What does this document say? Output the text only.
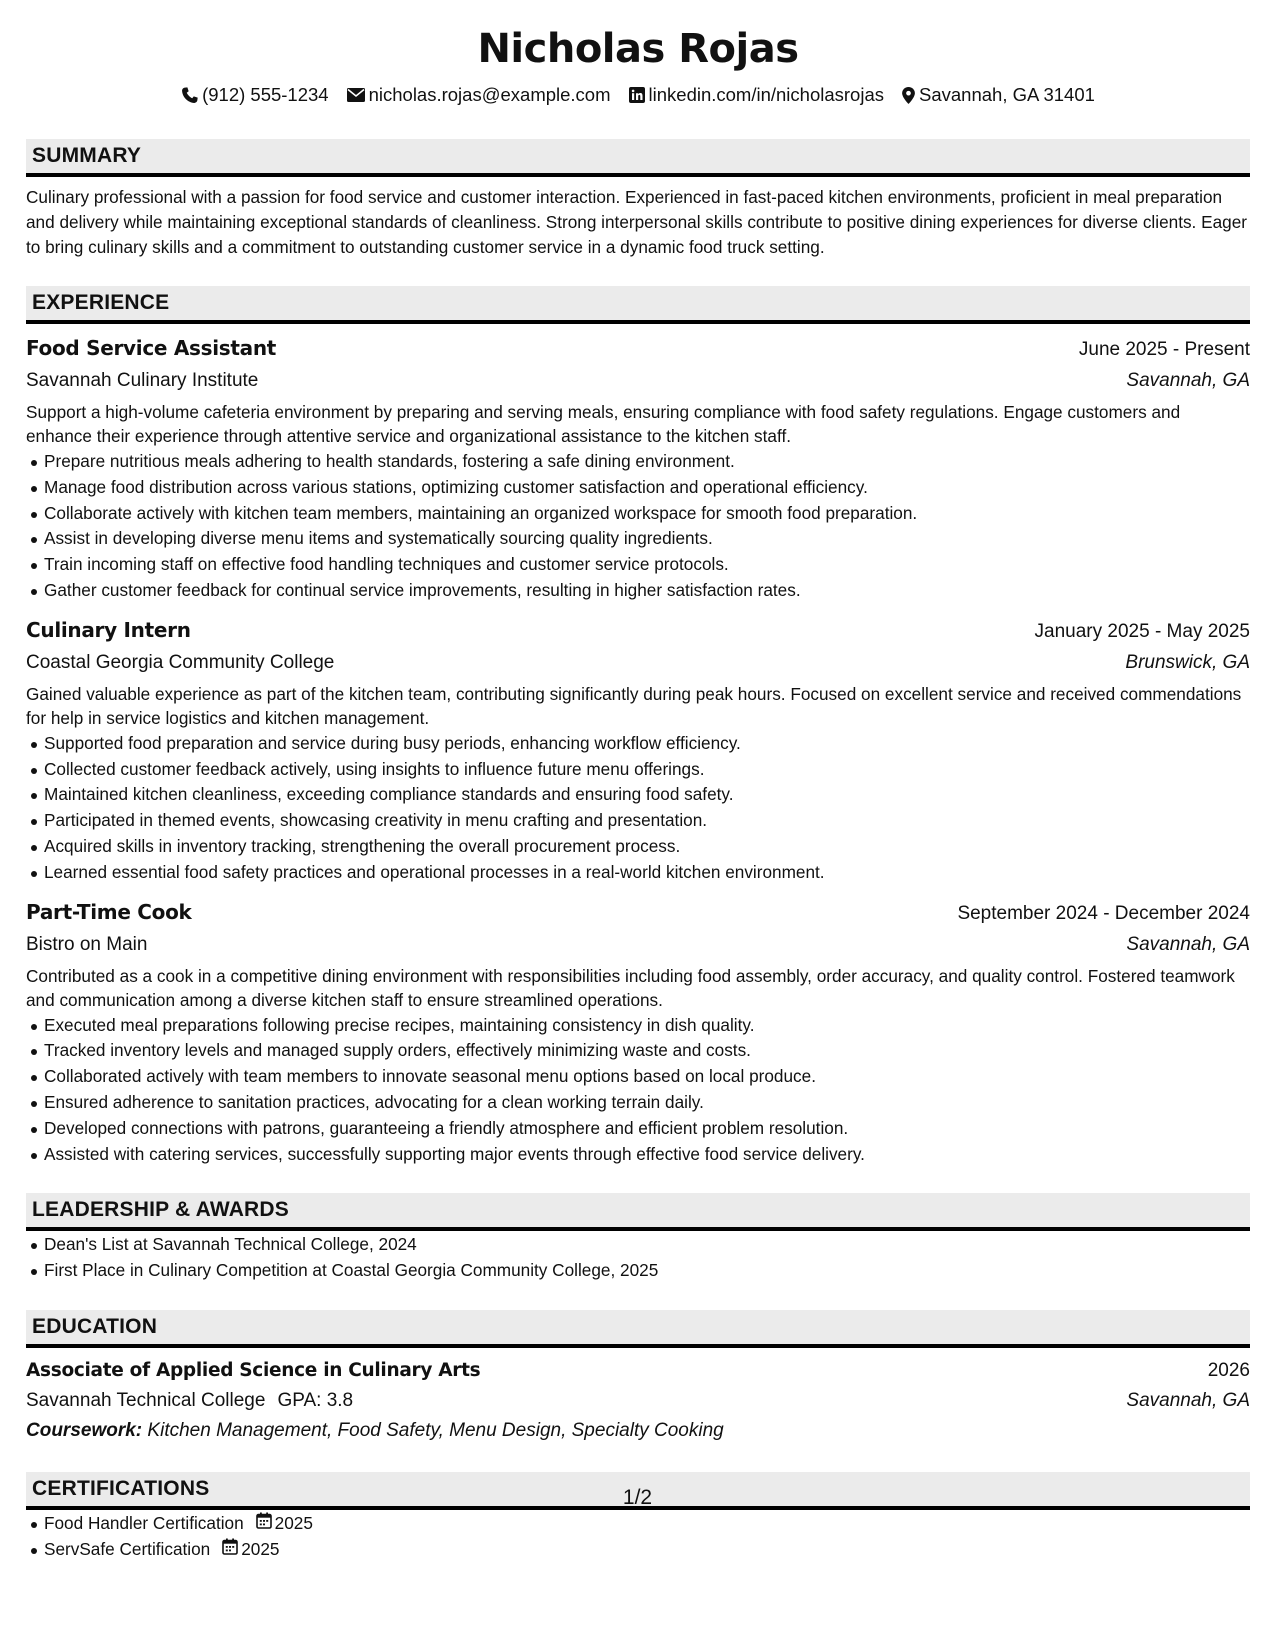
Nicholas Rojas
(912) 555-1234 nicholas.rojas@example.com linkedin.com/in/nicholasrojas Savannah, GA 31401
SUMMARY

Culinary professional with a passion for food service and customer interaction. Experienced in fast-paced kitchen environments, proficient in meal preparation and delivery while maintaining exceptional standards of cleanliness. Strong interpersonal skills contribute to positive dining experiences for diverse clients. Eager to bring culinary skills and a commitment to outstanding customer service in a dynamic food truck setting.

EXPERIENCE
Food Service Assistant	June 2025 - Present
Savannah Culinary Institute	Savannah, GA

Support a high-volume cafeteria environment by preparing and serving meals, ensuring compliance with food safety regulations. Engage customers and enhance their experience through attentive service and organizational assistance to the kitchen staff.

Prepare nutritious meals adhering to health standards, fostering a safe dining environment.
Manage food distribution across various stations, optimizing customer satisfaction and operational efficiency.
Collaborate actively with kitchen team members, maintaining an organized workspace for smooth food preparation.
Assist in developing diverse menu items and systematically sourcing quality ingredients.
Train incoming staff on effective food handling techniques and customer service protocols.
Gather customer feedback for continual service improvements, resulting in higher satisfaction rates.
Culinary Intern	January 2025 - May 2025
Coastal Georgia Community College	Brunswick, GA

Gained valuable experience as part of the kitchen team, contributing significantly during peak hours. Focused on excellent service and received commendations for help in service logistics and kitchen management.

Supported food preparation and service during busy periods, enhancing workflow efficiency.
Collected customer feedback actively, using insights to influence future menu offerings.
Maintained kitchen cleanliness, exceeding compliance standards and ensuring food safety.
Participated in themed events, showcasing creativity in menu crafting and presentation.
Acquired skills in inventory tracking, strengthening the overall procurement process.
Learned essential food safety practices and operational processes in a real-world kitchen environment.
Part-Time Cook	September 2024 - December 2024
Bistro on Main	Savannah, GA

Contributed as a cook in a competitive dining environment with responsibilities including food assembly, order accuracy, and quality control. Fostered teamwork and communication among a diverse kitchen staff to ensure streamlined operations.

Executed meal preparations following precise recipes, maintaining consistency in dish quality.
Tracked inventory levels and managed supply orders, effectively minimizing waste and costs.
Collaborated actively with team members to innovate seasonal menu options based on local produce.
Ensured adherence to sanitation practices, advocating for a clean working terrain daily.
Developed connections with patrons, guaranteeing a friendly atmosphere and efficient problem resolution.
Assisted with catering services, successfully supporting major events through effective food service delivery.
LEADERSHIP & AWARDS
Dean's List at Savannah Technical College, 2024
First Place in Culinary Competition at Coastal Georgia Community College, 2025
EDUCATION
Associate of Applied Science in Culinary Arts	2026
Savannah Technical College GPA: 3.8	Savannah, GA
Coursework: Kitchen Management, Food Safety, Menu Design, Specialty Cooking
CERTIFICATIONS
Food Handler Certification 2025
ServSafe Certification 2025
1/2
